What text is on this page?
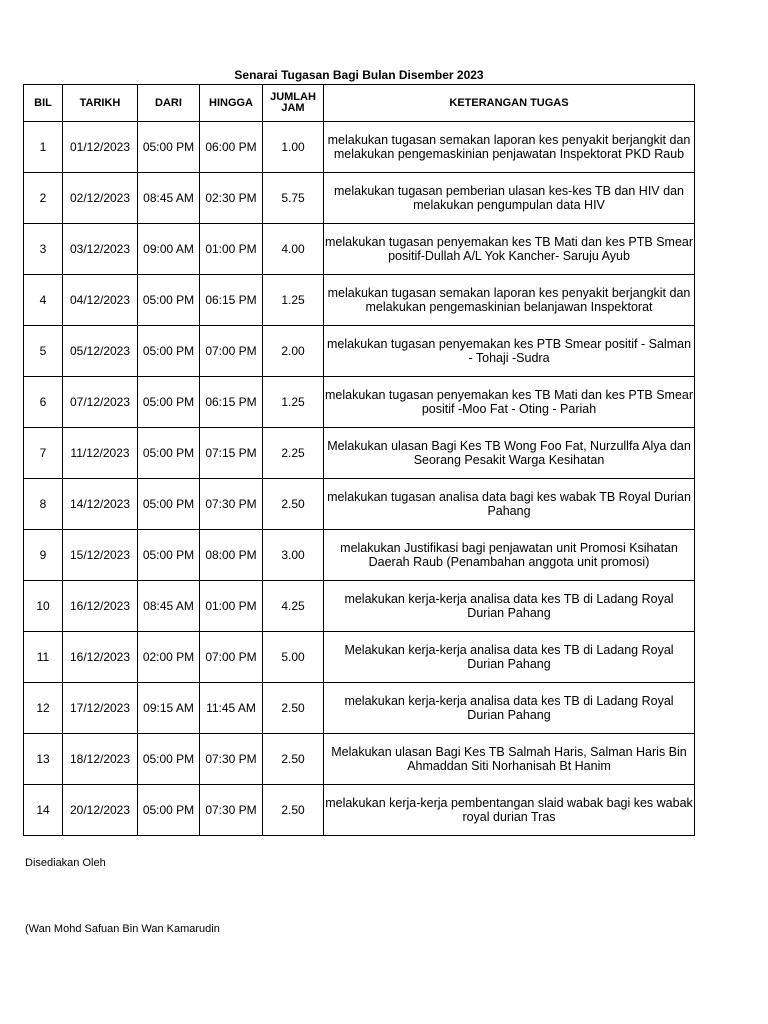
Senarai Tugasan Bagi Bulan Disember 2023
BIL	TARIKH	DARI	HINGGA	JUMLAH JAM	KETERANGAN TUGAS
1	01/12/2023	05:00 PM	06:00 PM	1.00	melakukan tugasan semakan laporan kes penyakit berjangkit dan melakukan pengemaskinian penjawatan Inspektorat PKD Raub
2	02/12/2023	08:45 AM	02:30 PM	5.75	melakukan tugasan pemberian ulasan kes-kes TB dan HIV dan melakukan pengumpulan data HIV
3	03/12/2023	09:00 AM	01:00 PM	4.00	melakukan tugasan penyemakan kes TB Mati dan kes PTB Smear positif-Dullah A/L Yok Kancher- Saruju Ayub
4	04/12/2023	05:00 PM	06:15 PM	1.25	melakukan tugasan semakan laporan kes penyakit berjangkit dan melakukan pengemaskinian belanjawan Inspektorat
5	05/12/2023	05:00 PM	07:00 PM	2.00	melakukan tugasan penyemakan kes PTB Smear positif - Salman - Tohaji -Sudra
6	07/12/2023	05:00 PM	06:15 PM	1.25	melakukan tugasan penyemakan kes TB Mati dan kes PTB Smear positif -Moo Fat - Oting - Pariah
7	11/12/2023	05:00 PM	07:15 PM	2.25	Melakukan ulasan Bagi Kes TB Wong Foo Fat, Nurzullfa Alya dan Seorang Pesakit Warga Kesihatan
8	14/12/2023	05:00 PM	07:30 PM	2.50	melakukan tugasan analisa data bagi kes wabak TB Royal Durian Pahang
9	15/12/2023	05:00 PM	08:00 PM	3.00	melakukan Justifikasi bagi penjawatan unit Promosi Ksihatan Daerah Raub (Penambahan anggota unit promosi)
10	16/12/2023	08:45 AM	01:00 PM	4.25	melakukan kerja-kerja analisa data kes TB di Ladang Royal Durian Pahang
11	16/12/2023	02:00 PM	07:00 PM	5.00	Melakukan kerja-kerja analisa data kes TB di Ladang Royal Durian Pahang
12	17/12/2023	09:15 AM	11:45 AM	2.50	melakukan kerja-kerja analisa data kes TB di Ladang Royal Durian Pahang
13	18/12/2023	05:00 PM	07:30 PM	2.50	Melakukan ulasan Bagi Kes TB Salmah Haris, Salman Haris Bin Ahmaddan Siti Norhanisah Bt Hanim
14	20/12/2023	05:00 PM	07:30 PM	2.50	melakukan kerja-kerja pembentangan slaid wabak bagi kes wabak royal durian Tras
Disediakan Oleh
(Wan Mohd Safuan Bin Wan Kamarudin
